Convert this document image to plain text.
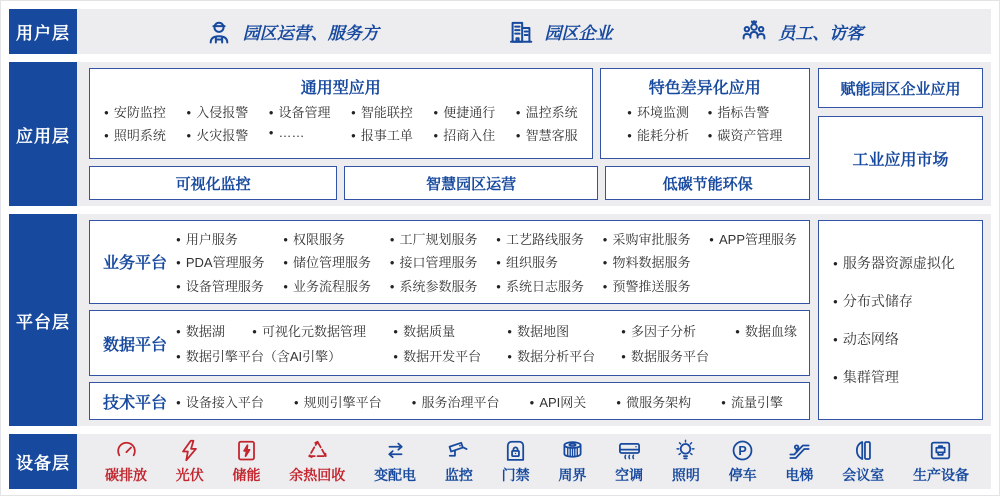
用户层	园区运营、服务方	园区企业	员工、访客
应用层
通用型应用
● 安防监控	● 入侵报警	● 设备管理	● 智能联控	● 便捷通行	● 温控系统
● 照明系统	● 火灾报警	● ……	● 报事工单	● 招商入住	● 智慧客服
特色差异化应用
● 环境监测	● 指标告警
● 能耗分析	● 碳资产管理
可视化监控	智慧园区运营	低碳节能环保
赋能园区企业应用
工业应用市场
平台层
业务平台
● 用户服务	● 权限服务	● 工厂规划服务	● 工艺路线服务	● 采购审批服务	● APP管理服务
● PDA管理服务	● 储位管理服务	● 接口管理服务	● 组织服务	● 物料数据服务
● 设备管理服务	● 业务流程服务	● 系统参数服务	● 系统日志服务	● 预警推送服务
数据平台
● 数据湖	● 可视化元数据管理	● 数据质量	● 数据地图	● 多因子分析	● 数据血缘
● 数据引擎平台（含AI引擎）	● 数据开发平台	● 数据分析平台	● 数据服务平台
技术平台	● 设备接入平台	● 规则引擎平台	● 服务治理平台	● API网关	● 微服务架构	● 流量引擎
● 服务器资源虚拟化
● 分布式储存
● 动态网络
● 集群管理
设备层
碳排放 光伏 储能 余热回收 变配电 监控 门禁 周界 空调 照明
P
停车 电梯 会议室 生产设备
